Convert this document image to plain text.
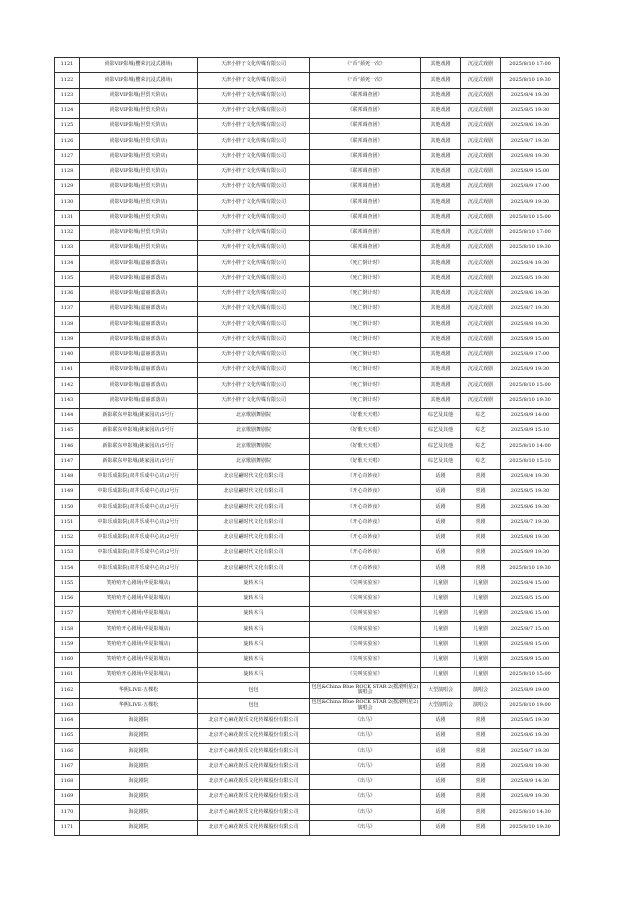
1121	尚影VIP影城(樱荣沉浸式剧场)	天津小胖子文化传媒有限公司	《“币”须死一次》	其他戏剧	沉浸式戏剧	2025/8/10 17:00
1122	尚影VIP影城(樱荣沉浸式剧场)	天津小胖子文化传媒有限公司	《“币”须死一次》	其他戏剧	沉浸式戏剧	2025/8/10 19:30
1123	尚影VIP影城(世贸天阶店)	天津小胖子文化传媒有限公司	《联邦调查团》	其他戏剧	沉浸式戏剧	2025/8/4 19:30
1124	尚影VIP影城(世贸天阶店)	天津小胖子文化传媒有限公司	《联邦调查团》	其他戏剧	沉浸式戏剧	2025/8/5 19:30
1125	尚影VIP影城(世贸天阶店)	天津小胖子文化传媒有限公司	《联邦调查团》	其他戏剧	沉浸式戏剧	2025/8/6 19:30
1126	尚影VIP影城(世贸天阶店)	天津小胖子文化传媒有限公司	《联邦调查团》	其他戏剧	沉浸式戏剧	2025/8/7 19:30
1127	尚影VIP影城(世贸天阶店)	天津小胖子文化传媒有限公司	《联邦调查团》	其他戏剧	沉浸式戏剧	2025/8/8 19:30
1128	尚影VIP影城(世贸天阶店)	天津小胖子文化传媒有限公司	《联邦调查团》	其他戏剧	沉浸式戏剧	2025/8/9 15:00
1129	尚影VIP影城(世贸天阶店)	天津小胖子文化传媒有限公司	《联邦调查团》	其他戏剧	沉浸式戏剧	2025/8/9 17:00
1130	尚影VIP影城(世贸天阶店)	天津小胖子文化传媒有限公司	《联邦调查团》	其他戏剧	沉浸式戏剧	2025/8/9 19:30
1131	尚影VIP影城(世贸天阶店)	天津小胖子文化传媒有限公司	《联邦调查团》	其他戏剧	沉浸式戏剧	2025/8/10 15:00
1132	尚影VIP影城(世贸天阶店)	天津小胖子文化传媒有限公司	《联邦调查团》	其他戏剧	沉浸式戏剧	2025/8/10 17:00
1133	尚影VIP影城(世贸天阶店)	天津小胖子文化传媒有限公司	《联邦调查团》	其他戏剧	沉浸式戏剧	2025/8/10 19:30
1134	尚影VIP影城(嘉丽部落店)	天津小胖子文化传媒有限公司	《死亡倒计时》	其他戏剧	沉浸式戏剧	2025/8/4 19:30
1135	尚影VIP影城(嘉丽部落店)	天津小胖子文化传媒有限公司	《死亡倒计时》	其他戏剧	沉浸式戏剧	2025/8/5 19:30
1136	尚影VIP影城(嘉丽部落店)	天津小胖子文化传媒有限公司	《死亡倒计时》	其他戏剧	沉浸式戏剧	2025/8/6 19:30
1137	尚影VIP影城(嘉丽部落店)	天津小胖子文化传媒有限公司	《死亡倒计时》	其他戏剧	沉浸式戏剧	2025/8/7 19:30
1138	尚影VIP影城(嘉丽部落店)	天津小胖子文化传媒有限公司	《死亡倒计时》	其他戏剧	沉浸式戏剧	2025/8/8 19:30
1139	尚影VIP影城(嘉丽部落店)	天津小胖子文化传媒有限公司	《死亡倒计时》	其他戏剧	沉浸式戏剧	2025/8/9 15:00
1140	尚影VIP影城(嘉丽部落店)	天津小胖子文化传媒有限公司	《死亡倒计时》	其他戏剧	沉浸式戏剧	2025/8/9 17:00
1141	尚影VIP影城(嘉丽部落店)	天津小胖子文化传媒有限公司	《死亡倒计时》	其他戏剧	沉浸式戏剧	2025/8/9 19:30
1142	尚影VIP影城(嘉丽部落店)	天津小胖子文化传媒有限公司	《死亡倒计时》	其他戏剧	沉浸式戏剧	2025/8/10 15:00
1143	尚影VIP影城(嘉丽部落店)	天津小胖子文化传媒有限公司	《死亡倒计时》	其他戏剧	沉浸式戏剧	2025/8/10 19:30
1144	新影联东申影城(姚家园店)5号厅	北京歌剧舞剧院	《好歌天天唱》	综艺及其他	综艺	2025/8/9 14:00
1145	新影联东申影城(姚家园店)5号厅	北京歌剧舞剧院	《好歌天天唱》	综艺及其他	综艺	2025/8/9 15:10
1146	新影联东申影城(姚家园店)5号厅	北京歌剧舞剧院	《好歌天天唱》	综艺及其他	综艺	2025/8/10 14:00
1147	新影联东申影城(姚家园店)5号厅	北京歌剧舞剧院	《好歌天天唱》	综艺及其他	综艺	2025/8/10 15:10
1148	中影乐成影院(双井乐成中心店)2号厅	北京星翩时代文化有限公司	《开心奇妙夜》	话剧	喜剧	2025/8/4 19:30
1149	中影乐成影院(双井乐成中心店)2号厅	北京星翩时代文化有限公司	《开心奇妙夜》	话剧	喜剧	2025/8/5 19:30
1150	中影乐成影院(双井乐成中心店)2号厅	北京星翩时代文化有限公司	《开心奇妙夜》	话剧	喜剧	2025/8/6 19:30
1151	中影乐成影院(双井乐成中心店)2号厅	北京星翩时代文化有限公司	《开心奇妙夜》	话剧	喜剧	2025/8/7 19:30
1152	中影乐成影院(双井乐成中心店)2号厅	北京星翩时代文化有限公司	《开心奇妙夜》	话剧	喜剧	2025/8/8 19:30
1153	中影乐成影院(双井乐成中心店)2号厅	北京星翩时代文化有限公司	《开心奇妙夜》	话剧	喜剧	2025/8/9 19:30
1154	中影乐成影院(双井乐成中心店)2号厅	北京星翩时代文化有限公司	《开心奇妙夜》	话剧	喜剧	2025/8/10 19:30
1155	笑哈哈开心剧场(华夏影城店)	旋转木马	《尖叫实验室》	儿童剧	儿童剧	2025/8/4 15:00
1156	笑哈哈开心剧场(华夏影城店)	旋转木马	《尖叫实验室》	儿童剧	儿童剧	2025/8/5 15:00
1157	笑哈哈开心剧场(华夏影城店)	旋转木马	《尖叫实验室》	儿童剧	儿童剧	2025/8/6 15:00
1158	笑哈哈开心剧场(华夏影城店)	旋转木马	《尖叫实验室》	儿童剧	儿童剧	2025/8/7 15:00
1159	笑哈哈开心剧场(华夏影城店)	旋转木马	《尖叫实验室》	儿童剧	儿童剧	2025/8/8 15:00
1160	笑哈哈开心剧场(华夏影城店)	旋转木马	《尖叫实验室》	儿童剧	儿童剧	2025/8/9 15:00
1161	笑哈哈开心剧场(华夏影城店)	旋转木马	《尖叫实验室》	儿童剧	儿童剧	2025/8/10 15:00
1162	华熙LIVE·五棵松	包包	包包&China Blue ROCK STAR 2(摇滚明星2)演唱会	大型演唱会	演唱会	2025/8/9 19:00
1163	华熙LIVE·五棵松	包包	包包&China Blue ROCK STAR 2(摇滚明星2)演唱会	大型演唱会	演唱会	2025/8/10 19:00
1164	海淀剧院	北京开心麻花娱乐文化传媒股份有限公司	《出马》	话剧	喜剧	2025/8/5 19:30
1165	海淀剧院	北京开心麻花娱乐文化传媒股份有限公司	《出马》	话剧	喜剧	2025/8/6 19:30
1166	海淀剧院	北京开心麻花娱乐文化传媒股份有限公司	《出马》	话剧	喜剧	2025/8/7 19:30
1167	海淀剧院	北京开心麻花娱乐文化传媒股份有限公司	《出马》	话剧	喜剧	2025/8/8 19:30
1168	海淀剧院	北京开心麻花娱乐文化传媒股份有限公司	《出马》	话剧	喜剧	2025/8/9 14:30
1169	海淀剧院	北京开心麻花娱乐文化传媒股份有限公司	《出马》	话剧	喜剧	2025/8/9 19:30
1170	海淀剧院	北京开心麻花娱乐文化传媒股份有限公司	《出马》	话剧	喜剧	2025/8/10 14:30
1171	海淀剧院	北京开心麻花娱乐文化传媒股份有限公司	《出马》	话剧	喜剧	2025/8/10 19:30
